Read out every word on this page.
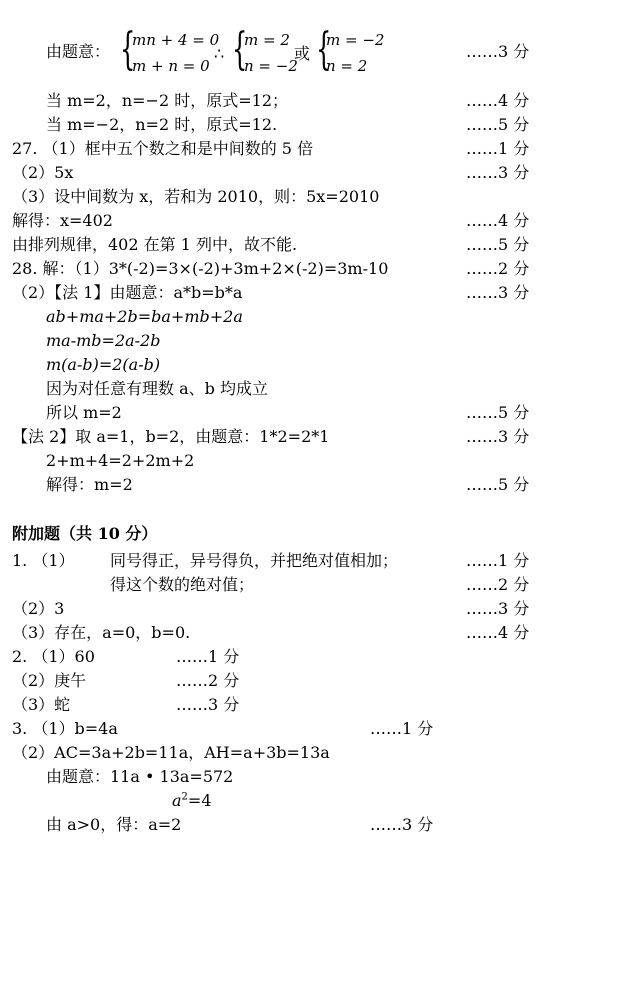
由题意： {
mn + 4 = 0
m + n = 0
∴ {
m = 2
n = −2
或 {
m = −2
n = 2
……3 分
当 m=2，n=−2 时，原式=12；	……4 分
当 m=−2，n=2 时，原式=12.	……5 分
27. （1）框中五个数之和是中间数的 5 倍	……1 分
（2）5x	……3 分
（3）设中间数为 x，若和为 2010，则：5x=2010
解得：x=402	……4 分
由排列规律，402 在第 1 列中，故不能.	……5 分
28. 解：（1）3*(-2)=3×(-2)+3m+2×(-2)=3m-10	……2 分
（2）【法 1】由题意：a*b=b*a	……3 分
ab+ma+2b=ba+mb+2a
ma-mb=2a-2b
m(a-b)=2(a-b)
因为对任意有理数 a、b 均成立
所以 m=2	……5 分
【法 2】取 a=1，b=2，由题意：1*2=2*1	……3 分
2+m+4=2+2m+2
解得：m=2	……5 分
附加题（共 10 分）
1. （1） 同号得正，异号得负，并把绝对值相加；	……1 分
得这个数的绝对值；	……2 分
（2）3	……3 分
（3）存在，a=0，b=0.	……4 分
2. （1）60	……1 分
（2）庚午	……2 分
（3）蛇	……3 分
3. （1）b=4a	……1 分
（2）AC=3a+2b=11a，AH=a+3b=13a
由题意：11a • 13a=572
$a^2=4$
由 a>0，得：a=2	……3 分
